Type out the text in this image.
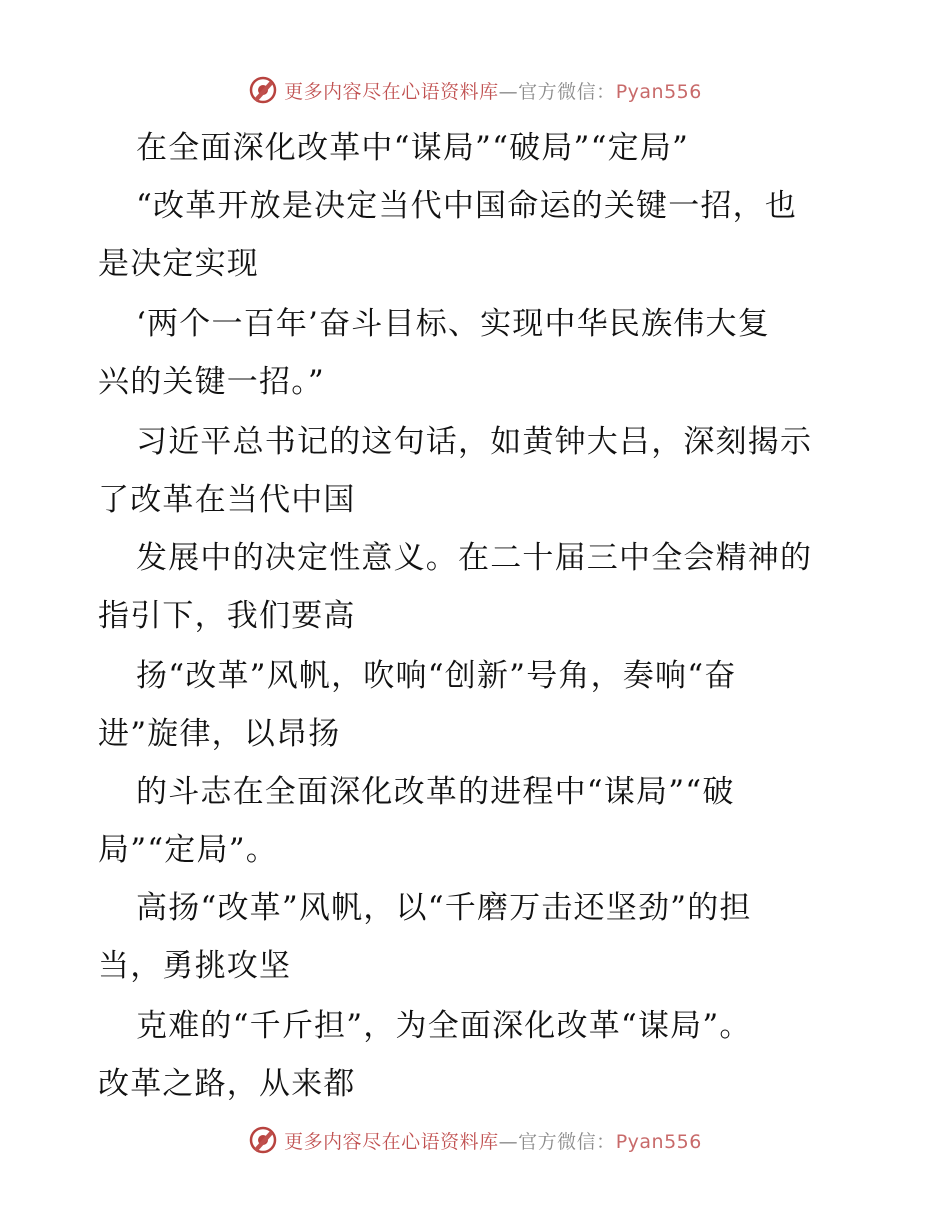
更多内容尽在心语资料库—官方微信：Pyan556
在全面深化改革中“谋局”“破局”“定局”
“改革开放是决定当代中国命运的关键一招，也
是决定实现
‘两个一百年’奋斗目标、实现中华民族伟大复
兴的关键一招。”
习近平总书记的这句话，如黄钟大吕，深刻揭示
了改革在当代中国
发展中的决定性意义。在二十届三中全会精神的
指引下，我们要高
扬“改革”风帆，吹响“创新”号角，奏响“奋
进”旋律，以昂扬
的斗志在全面深化改革的进程中“谋局”“破
局”“定局”。
高扬“改革”风帆，以“千磨万击还坚劲”的担
当，勇挑攻坚
克难的“千斤担”，为全面深化改革“谋局”。
改革之路，从来都
更多内容尽在心语资料库—官方微信：Pyan556
